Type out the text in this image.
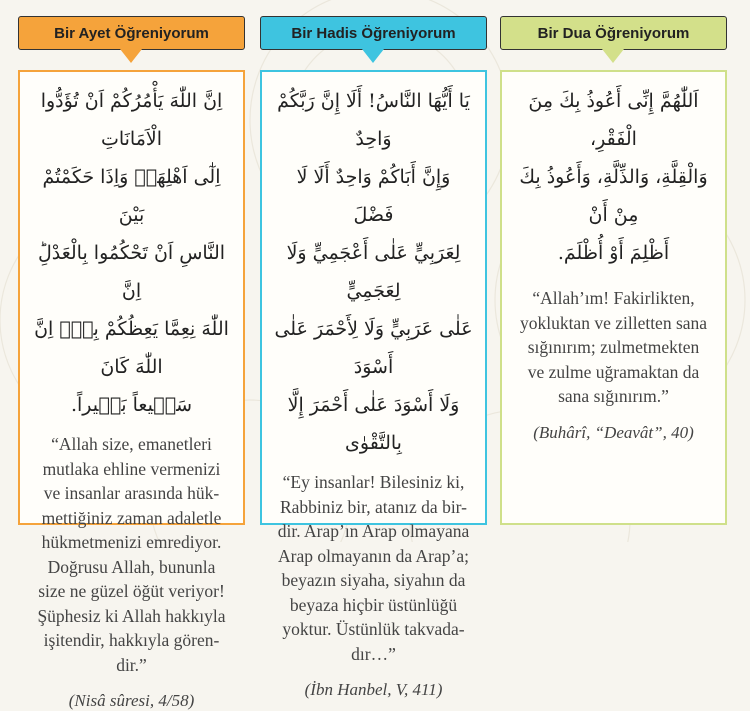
Bir Ayet Öğreniyorum
اِنَّ اللّٰهَ يَأْمُرُكُمْ اَنْ تُؤَدُّوا الْاَمَانَاتِ
اِلٰٓى اَهْلِهَاۙ وَاِذَا حَكَمْتُمْ بَيْنَ
النَّاسِ اَنْ تَحْكُمُوا بِالْعَدْلِؕ اِنَّ
اللّٰهَ نِعِمَّا يَعِظُكُمْ بِه۪ؕ اِنَّ اللّٰهَ كَانَ
سَم۪يعاً بَص۪يراً.
“Allah size, emanetleri
mutlaka ehline vermenizi
ve insanlar arasında hük-
mettiğiniz zaman adaletle
hükmetmenizi emrediyor.
Doğrusu Allah, bununla
size ne güzel öğüt veriyor!
Şüphesiz ki Allah hakkıyla
işitendir, hakkıyla gören-
dir.”
(Nisâ sûresi, 4/58)
Bir Hadis Öğreniyorum
يَا أَيُّهَا النَّاسُ! أَلَا إِنَّ رَبَّكُمْ وَاحِدٌ
وَإِنَّ أَبَاكُمْ وَاحِدٌ أَلَا لَا فَضْلَ
لِعَرَبِيٍّ عَلٰى أَعْجَمِيٍّ وَلَا لِعَجَمِيٍّ
عَلٰى عَرَبِيٍّ وَلَا لِأَحْمَرَ عَلٰى أَسْوَدَ
وَلَا أَسْوَدَ عَلٰى أَحْمَرَ إِلَّا بِالتَّقْوٰى
“Ey insanlar! Bilesiniz ki,
Rabbiniz bir, atanız da bir-
dir. Arap’ın Arap olmayana
Arap olmayanın da Arap’a;
beyazın siyaha, siyahın da
beyaza hiçbir üstünlüğü
yoktur. Üstünlük takvada-
dır…”
(İbn Hanbel, V, 411)
Bir Dua Öğreniyorum
اَللّٰهُمَّ إِنِّى أَعُوذُ بِكَ مِنَ الْفَقْرِ،
وَالْقِلَّةِ، وَالذِّلَّةِ، وَأَعُوذُ بِكَ مِنْ أَنْ
أَظْلِمَ أَوْ أُظْلَمَ.
“Allah’ım! Fakirlikten,
yokluktan ve zilletten sana
sığınırım; zulmetmekten
ve zulme uğramaktan da
sana sığınırım.”
(Buhârî, “Deavât”, 40)
